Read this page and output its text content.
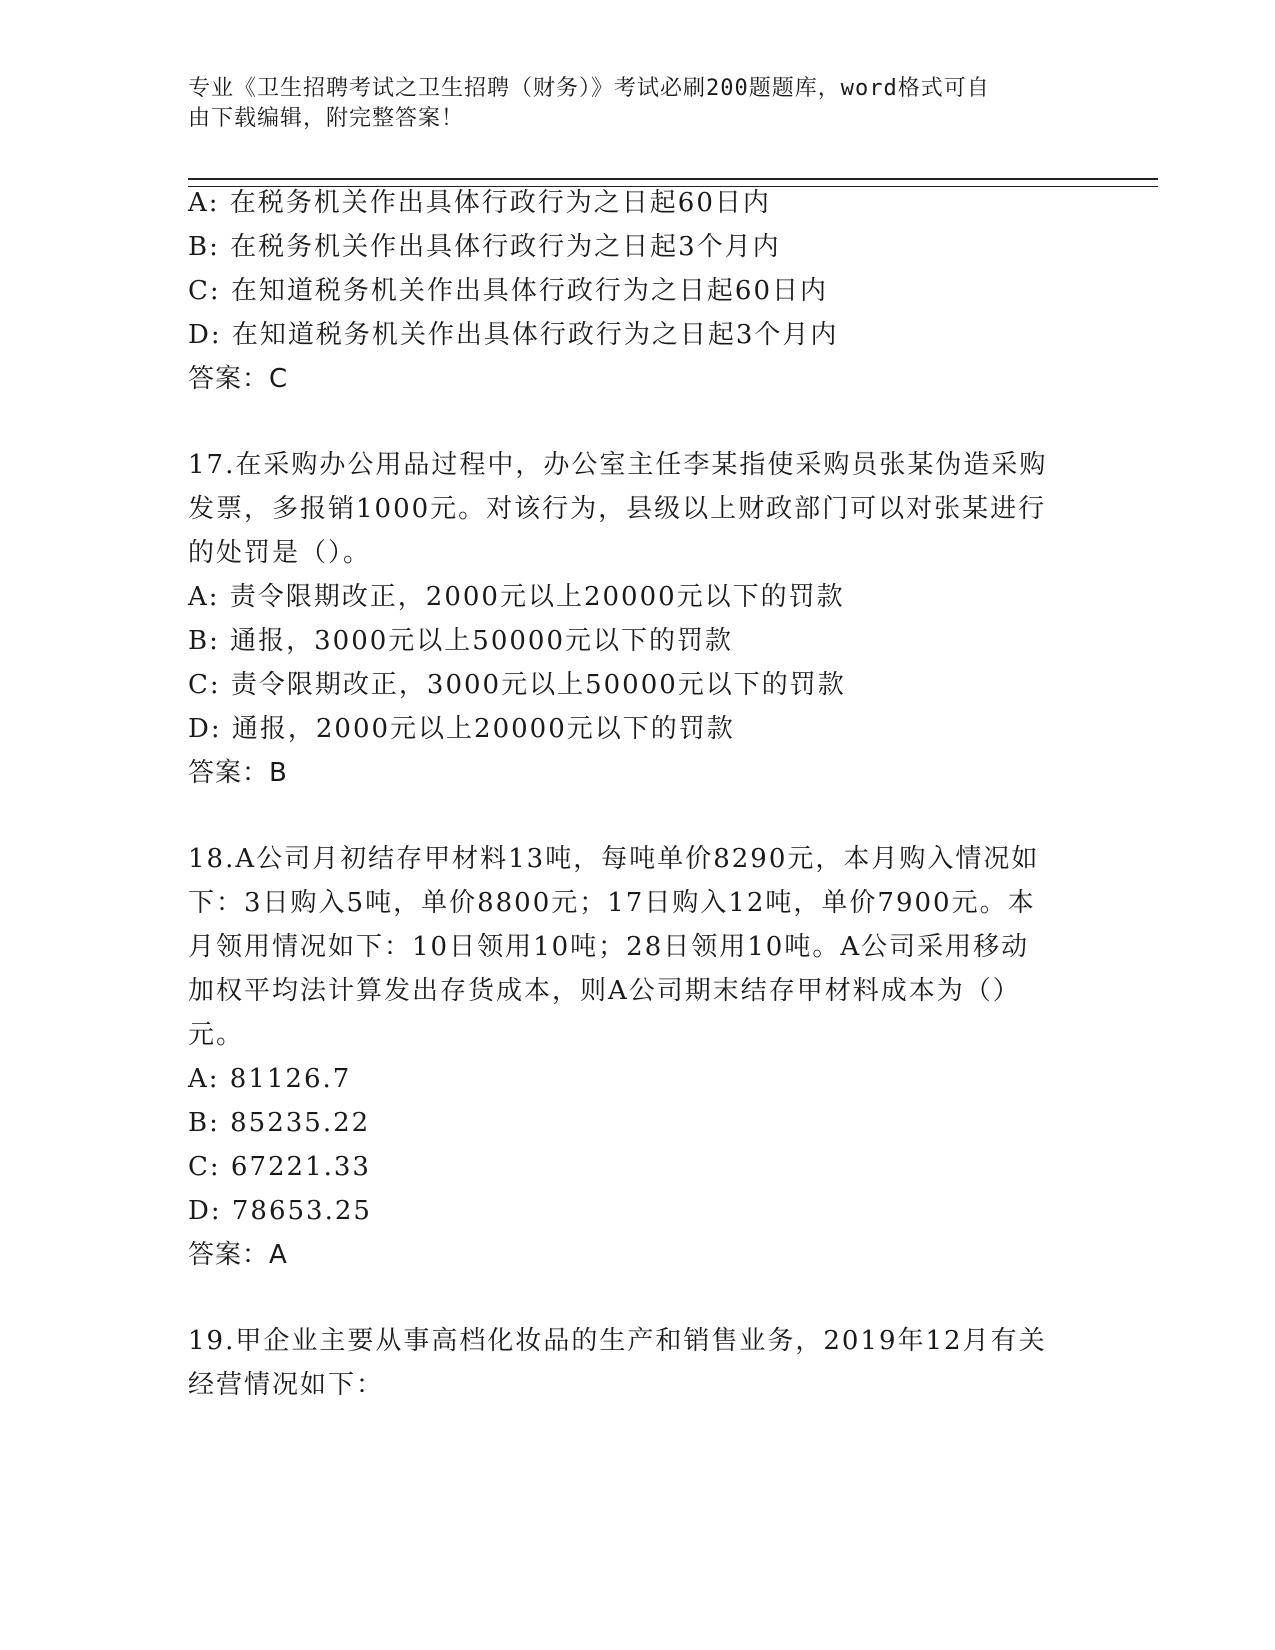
专业《卫生招聘考试之卫生招聘（财务）》考试必刷200题题库，word格式可自
由下载编辑，附完整答案！
A: 在税务机关作出具体行政行为之日起60日内
B: 在税务机关作出具体行政行为之日起3个月内
C: 在知道税务机关作出具体行政行为之日起60日内
D: 在知道税务机关作出具体行政行为之日起3个月内
答案：C
17.在采购办公用品过程中，办公室主任李某指使采购员张某伪造采购
发票，多报销1000元。对该行为，县级以上财政部门可以对张某进行
的处罚是（）。
A: 责令限期改正，2000元以上20000元以下的罚款
B: 通报，3000元以上50000元以下的罚款
C: 责令限期改正，3000元以上50000元以下的罚款
D: 通报，2000元以上20000元以下的罚款
答案：B
18.A公司月初结存甲材料13吨，每吨单价8290元，本月购入情况如
下：3日购入5吨，单价8800元；17日购入12吨，单价7900元。本
月领用情况如下：10日领用10吨；28日领用10吨。A公司采用移动
加权平均法计算发出存货成本，则A公司期末结存甲材料成本为（）
元。
A: 81126.7
B: 85235.22
C: 67221.33
D: 78653.25
答案：A
19.甲企业主要从事高档化妆品的生产和销售业务，2019年12月有关
经营情况如下：
